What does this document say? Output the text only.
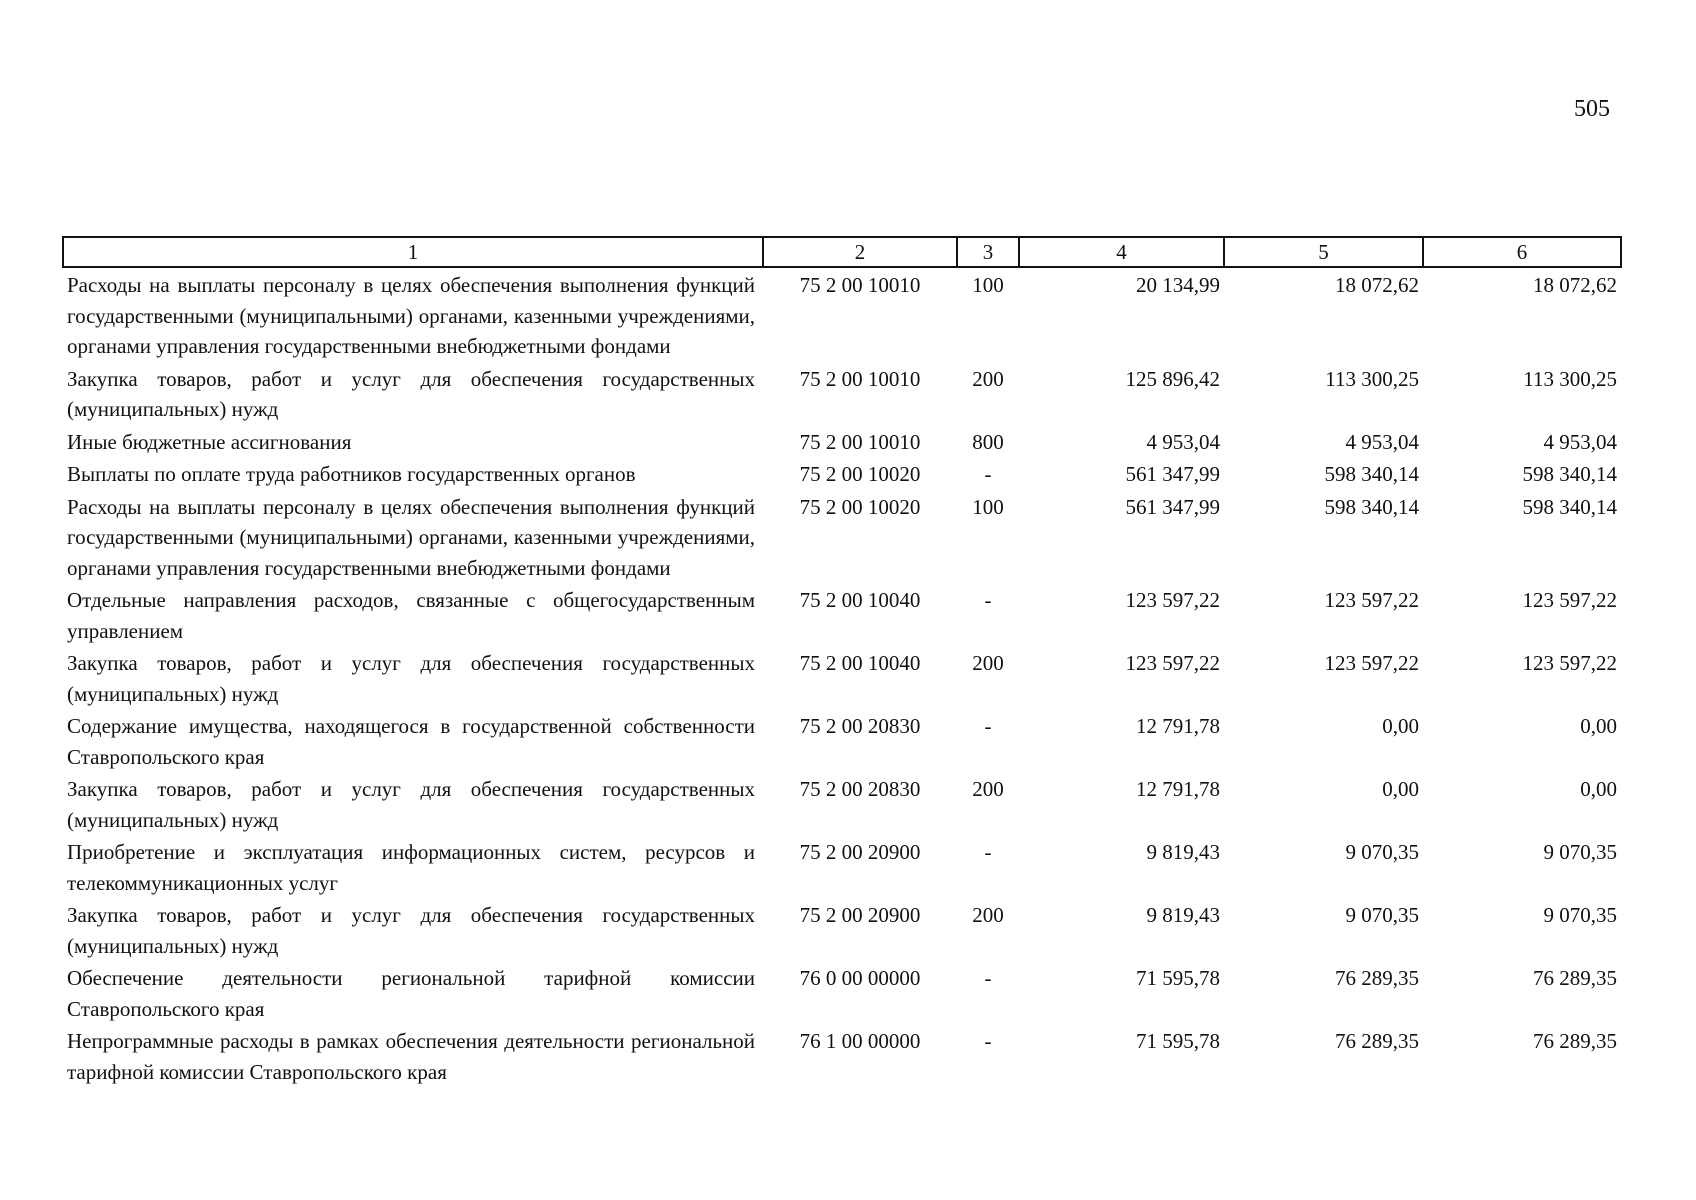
505
1	2	3	4	5	6
Расходы на выплаты персоналу в целях обеспечения выполнения функций государственными (муниципальными) органами, казенными учреждениями, органами управления государственными внебюджетными фондами	75 2 00 10010	100	20 134,99	18 072,62	18 072,62
Закупка товаров, работ и услуг для обеспечения государственных (муниципальных) нужд	75 2 00 10010	200	125 896,42	113 300,25	113 300,25
Иные бюджетные ассигнования	75 2 00 10010	800	4 953,04	4 953,04	4 953,04
Выплаты по оплате труда работников государственных органов	75 2 00 10020	-	561 347,99	598 340,14	598 340,14
Расходы на выплаты персоналу в целях обеспечения выполнения функций государственными (муниципальными) органами, казенными учреждениями, органами управления государственными внебюджетными фондами	75 2 00 10020	100	561 347,99	598 340,14	598 340,14
Отдельные направления расходов, связанные с общегосударственным управлением	75 2 00 10040	-	123 597,22	123 597,22	123 597,22
Закупка товаров, работ и услуг для обеспечения государственных (муниципальных) нужд	75 2 00 10040	200	123 597,22	123 597,22	123 597,22
Содержание имущества, находящегося в государственной собственности Ставропольского края	75 2 00 20830	-	12 791,78	0,00	0,00
Закупка товаров, работ и услуг для обеспечения государственных (муниципальных) нужд	75 2 00 20830	200	12 791,78	0,00	0,00
Приобретение и эксплуатация информационных систем, ресурсов и телекоммуникационных услуг	75 2 00 20900	-	9 819,43	9 070,35	9 070,35
Закупка товаров, работ и услуг для обеспечения государственных (муниципальных) нужд	75 2 00 20900	200	9 819,43	9 070,35	9 070,35
Обеспечение деятельности региональной тарифной комиссии Ставропольского края	76 0 00 00000	-	71 595,78	76 289,35	76 289,35
Непрограммные расходы в рамках обеспечения деятельности региональной тарифной комиссии Ставропольского края	76 1 00 00000	-	71 595,78	76 289,35	76 289,35
